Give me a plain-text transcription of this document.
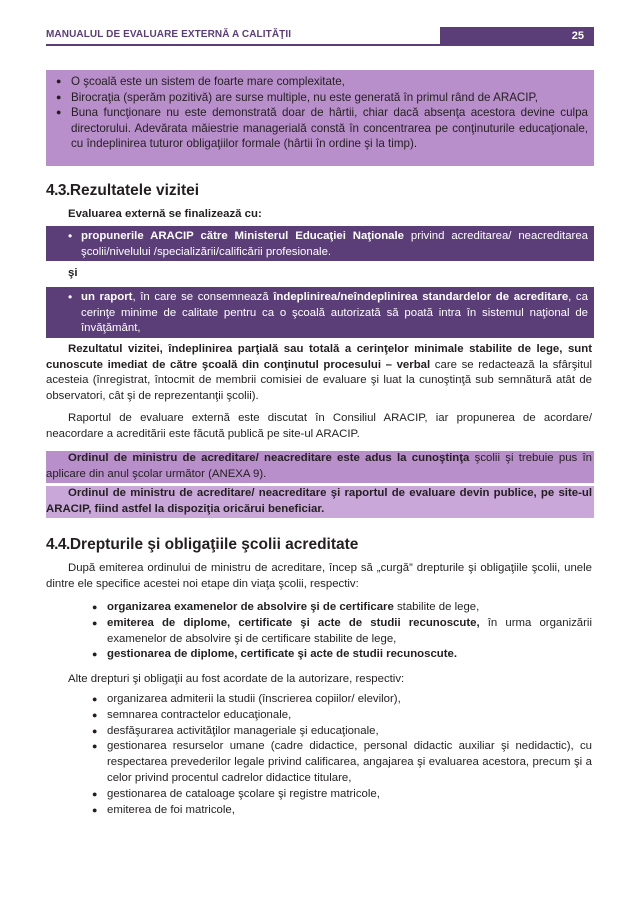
MANUALUL DE EVALUARE EXTERNĂ A CALITĂŢII	25
● O şcoală este un sistem de foarte mare complexitate,
● Birocraţia (sperăm pozitivă) are surse multiple, nu este generată în primul rând de ARACIP,
● Buna funcţionare nu este demonstrată doar de hârtii, chiar dacă absenţa acestora devine culpa directorului. Adevărata măiestrie managerială constă în concentrarea pe conţinuturile educaţionale, cu îndeplinirea tuturor obligaţiilor formale (hârtii în ordine şi la timp).
4.3.Rezultatele vizitei
Evaluarea externă se finalizează cu:
• propunerile ARACIP către Ministerul Educaţiei Naţionale privind acreditarea/ neacreditarea şcolii/nivelului /specializării/calificării profesionale.
şi
• un raport, în care se consemnează îndeplinirea/neîndeplinirea standardelor de acreditare, ca cerinţe minime de calitate pentru ca o şcoală autorizată să poată intra în sistemul naţional de învăţământ,
Rezultatul vizitei, îndeplinirea parţială sau totală a cerinţelor minimale stabilite de lege, sunt cunoscute imediat de către şcoală din conţinutul procesului – verbal care se redactează la sfârşitul acesteia (înregistrat, întocmit de membrii comisiei de evaluare şi luat la cunoştinţă sub semnătură atât de observatori, cât şi de reprezentanţii şcolii).
Raportul de evaluare externă este discutat în Consiliul ARACIP, iar propunerea de acordare/ neacordare a acreditării este făcută publică pe site-ul ARACIP.
Ordinul de ministru de acreditare/ neacreditare este adus la cunoştinţa şcolii şi trebuie pus în aplicare din anul şcolar următor (ANEXA 9).
Ordinul de ministru de acreditare/ neacreditare şi raportul de evaluare devin publice, pe site-ul ARACIP, fiind astfel la dispoziţia oricărui beneficiar.
4.4.Drepturile şi obligaţiile şcolii acreditate
După emiterea ordinului de ministru de acreditare, încep să „curgă” drepturile şi obligaţiile şcolii, unele dintre ele specifice acestei noi etape din viaţa şcolii, respectiv:
● organizarea examenelor de absolvire şi de certificare stabilite de lege,
● emiterea de diplome, certificate şi acte de studii recunoscute, în urma organizării examenelor de absolvire şi de certificare stabilite de lege,
● gestionarea de diplome, certificate şi acte de studii recunoscute.
Alte drepturi şi obligaţii au fost acordate de la autorizare, respectiv:
● organizarea admiterii la studii (înscrierea copiilor/ elevilor),
● semnarea contractelor educaţionale,
● desfăşurarea activităţilor manageriale şi educaţionale,
● gestionarea resurselor umane (cadre didactice, personal didactic auxiliar şi nedidactic), cu respectarea prevederilor legale privind calificarea, angajarea şi evaluarea acestora, precum şi a celor privind procentul cadrelor didactice titulare,
● gestionarea de cataloage şcolare şi registre matricole,
● emiterea de foi matricole,
